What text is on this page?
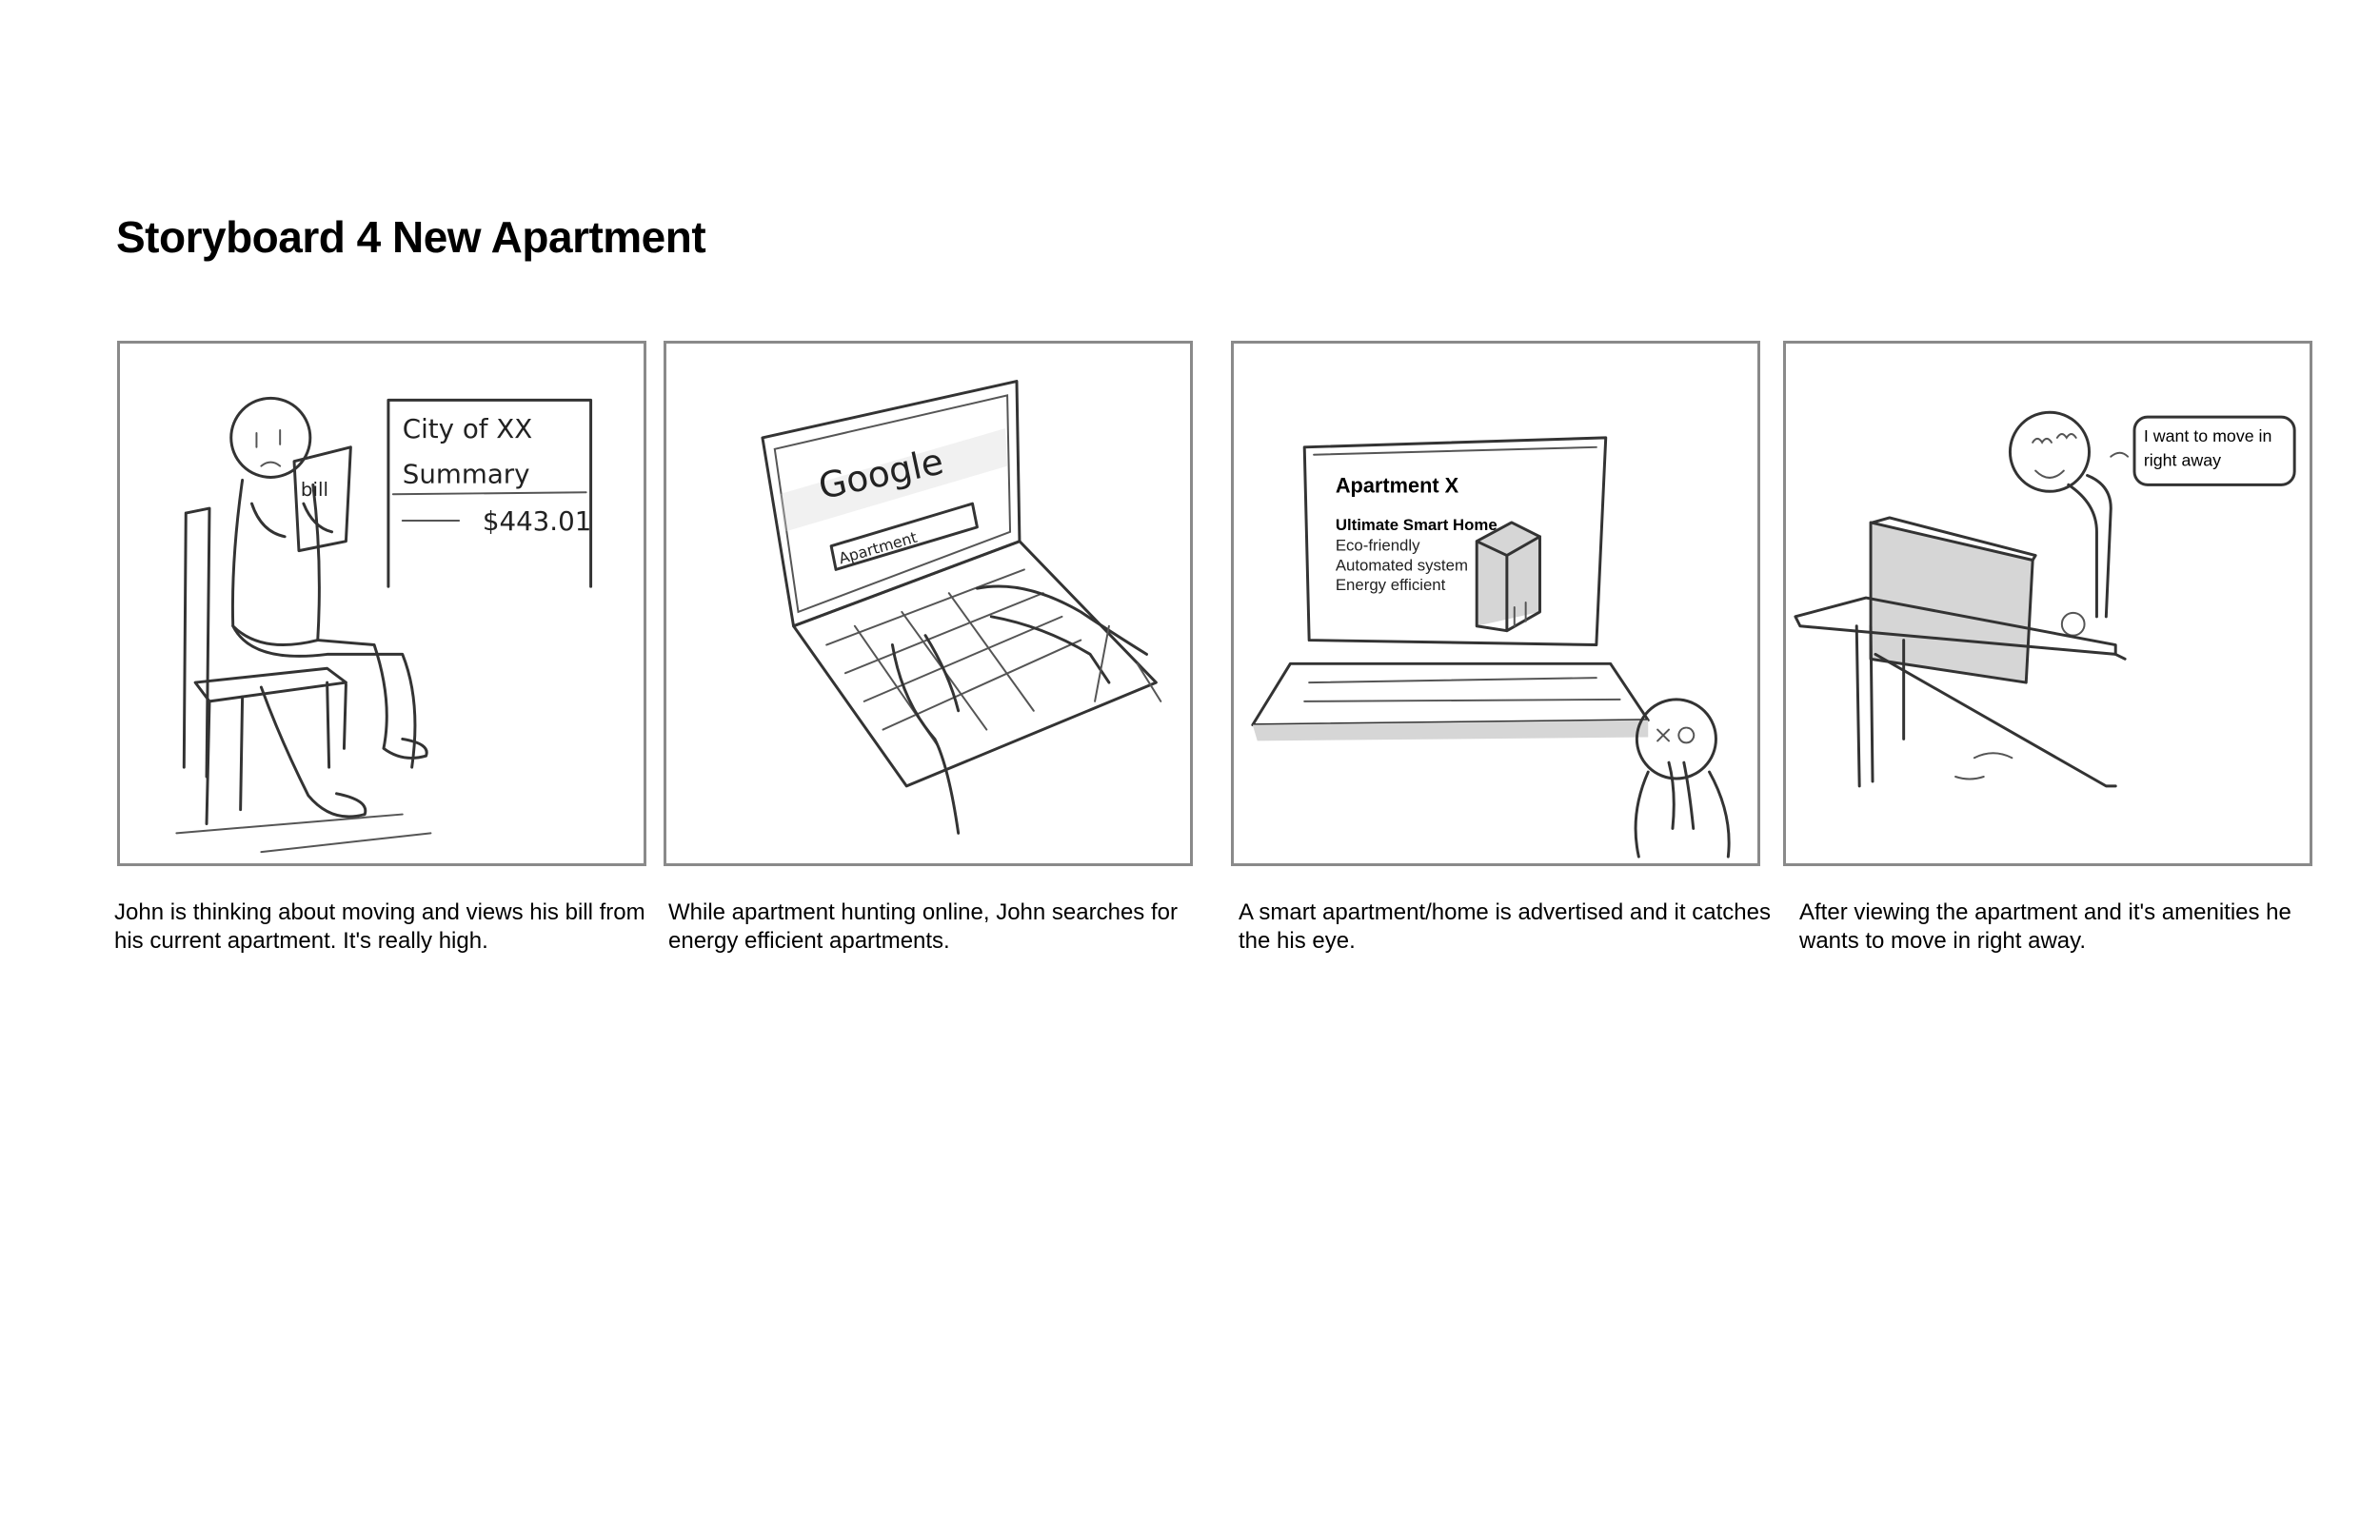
Storyboard 4 New Apartment
bill
City of XX
Summary
$443.01
Google
Apartment
Apartment X
Ultimate Smart Home
Eco-friendly
Automated system
Energy efficient
I want to move in
right away
John is thinking about moving and views his bill from his current apartment. It's really high.
While apartment hunting online, John searches for energy efficient apartments.
A smart apartment/home is advertised and it catches the his eye.
After viewing the apartment and it's amenities he wants to move in right away.
